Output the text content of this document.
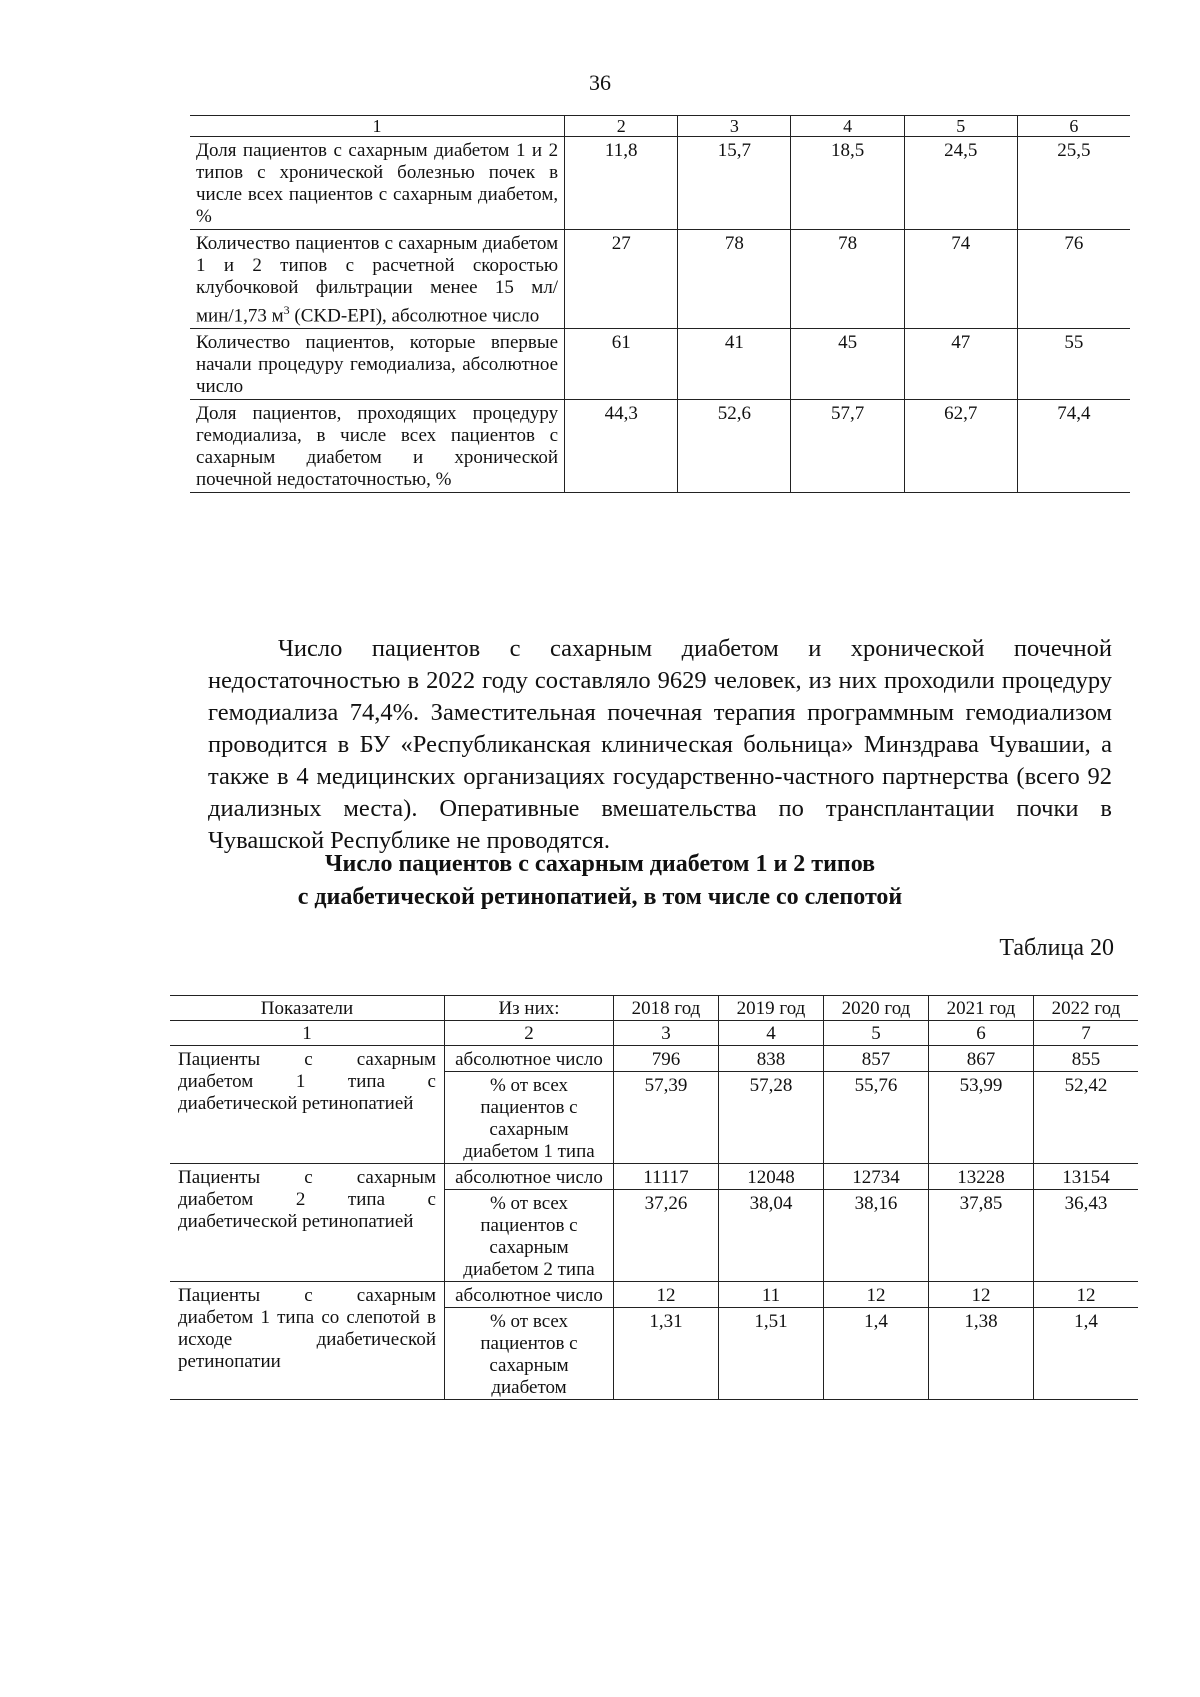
36
1	2	3	4	5	6
Доля пациентов с сахарным диабетом 1 и 2 типов с хронической болезнью почек в числе всех пациентов с сахарным диабетом, %	11,8	15,7	18,5	24,5	25,5
Количество пациентов с сахарным диабетом 1 и 2 типов с расчетной скоростью клубочковой фильтрации менее 15 мл/мин/1,73 $м^3$ (CKD-EPI), абсолютное число	27	78	78	74	76
Количество пациентов, которые впервые начали процедуру гемодиализа, абсолютное число	61	41	45	47	55
Доля пациентов, проходящих процедуру гемодиализа, в числе всех пациентов с сахарным диабетом и хронической почечной недостаточностью, %	44,3	52,6	57,7	62,7	74,4

Число пациентов с сахарным диабетом и хронической почечной недостаточностью в 2022 году составляло 9629 человек, из них проходили процедуру гемодиализа 74,4%. Заместительная почечная терапия программным гемодиализом проводится в БУ «Республиканская клиническая больница» Минздрава Чувашии, а также в 4 медицинских организациях государственно-частного партнерства (всего 92 диализных места). Оперативные вмешательства по трансплантации почки в Чувашской Республике не проводятся.

Число пациентов с сахарным диабетом 1 и 2 типов
с диабетической ретинопатией, в том числе со слепотой
Таблица 20
Показатели	Из них:	2018 год	2019 год	2020 год	2021 год	2022 год
1	2	3	4	5	6	7
Пациенты с сахарным диабетом 1 типа с диабетической ретинопатией	абсолютное число	796	838	857	867	855
	% от всех пациентов с сахарным диабетом 1 типа	57,39	57,28	55,76	53,99	52,42
Пациенты с сахарным диабетом 2 типа с диабетической ретинопатией	абсолютное число	11117	12048	12734	13228	13154
	% от всех пациентов с сахарным диабетом 2 типа	37,26	38,04	38,16	37,85	36,43
Пациенты с сахарным диабетом 1 типа со слепотой в исходе диабетической ретинопатии	абсолютное число	12	11	12	12	12
	% от всех пациентов с сахарным диабетом	1,31	1,51	1,4	1,38	1,4
